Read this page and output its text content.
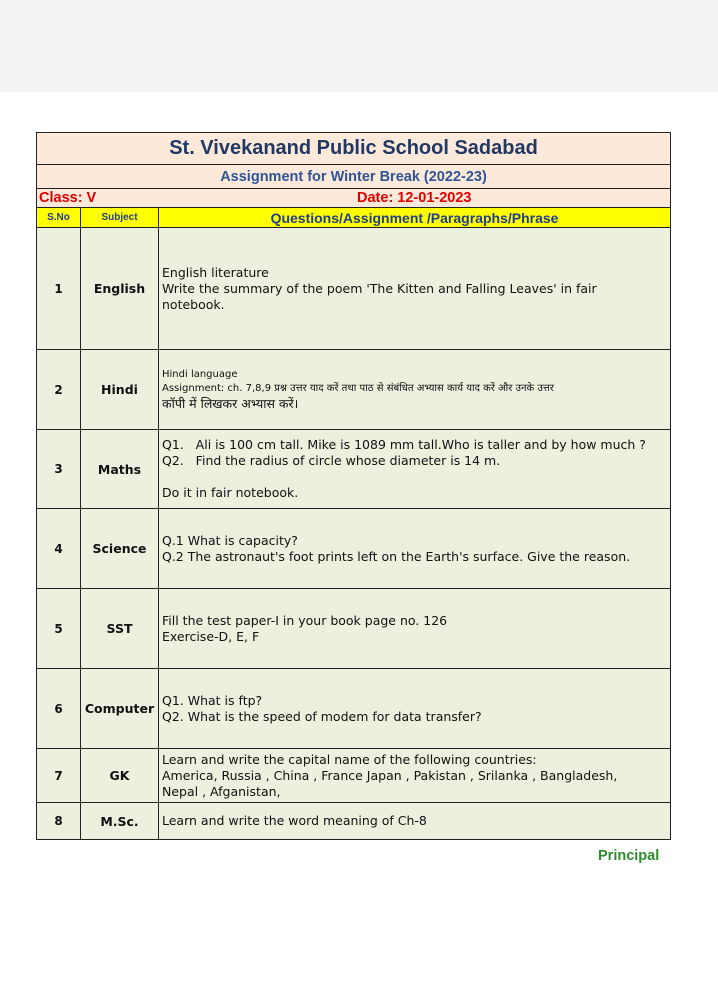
St. Vivekanand Public School Sadabad		
Assignment for Winter Break (2022-23)		
Class: V		Date: 12-01-2023
S.No	Subject	Questions/Assignment /Paragraphs/Phrase
1	English	English literature
Write the summary of the poem 'The Kitten and Falling Leaves' in fair
notebook.

2	Hindi	Hindi language
Assignment: ch. 7,8,9 प्रश्न उत्तर याद करें तथा पाठ से संबंधित अभ्यास कार्य याद करें और उनके उत्तर
कॉपी में लिखकर अभ्यास करें।

3	Maths	Q1.   Ali is 100 cm tall. Mike is 1089 mm tall.Who is taller and by how much ?
Q2.   Find the radius of circle whose diameter is 14 m.

Do it in fair notebook.

4	Science	Q.1 What is capacity?
Q.2 The astronaut's foot prints left on the Earth's surface. Give the reason.

5	SST	Fill the test paper-I in your book page no. 126
Exercise-D, E, F

6	Computer	Q1. What is ftp?
Q2. What is the speed of modem for data transfer?

7	GK	Learn and write the capital name of the following countries:
America, Russia , China , France Japan , Pakistan , Srilanka , Bangladesh,
Nepal , Afganistan,

8	M.Sc.	Learn and write the word meaning of Ch-8
Principal
